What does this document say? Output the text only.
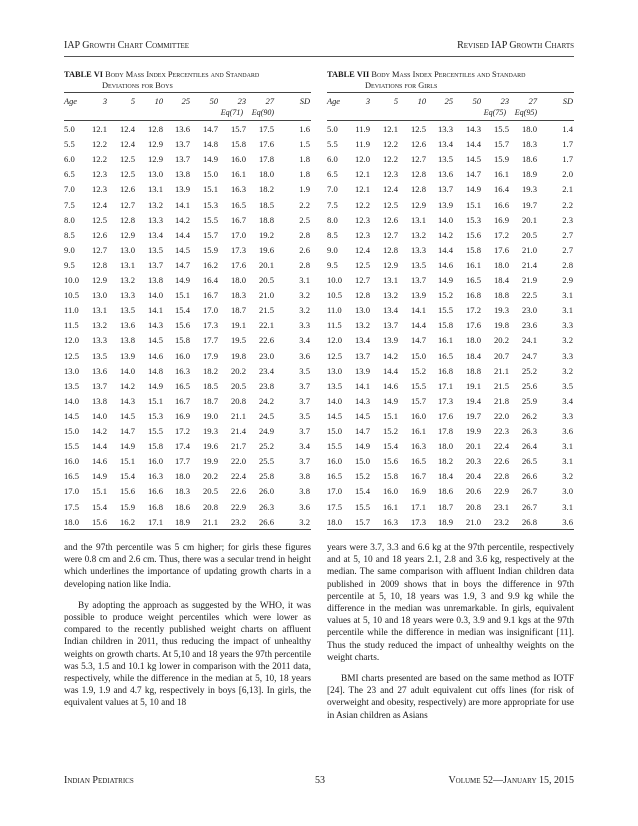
IAP Growth Chart Committee	Revised IAP Growth Charts
TABLE VI Body Mass Index Percentiles and Standard
Deviations for Boys
Age	3	5 10 25 50 23 27	SD
Eq(71) Eq(90)
5.0 12.1 12.4 12.8 13.6 14.7 15.7 17.5	1.6
5.5 12.2 12.4 12.9 13.7 14.8 15.8 17.6	1.5
6.0 12.2 12.5 12.9 13.7 14.9 16.0 17.8	1.8
6.5 12.3 12.5 13.0 13.8 15.0 16.1 18.0	1.8
7.0 12.3 12.6 13.1 13.9 15.1 16.3 18.2	1.9
7.5 12.4 12.7 13.2 14.1 15.3 16.5 18.5	2.2
8.0 12.5 12.8 13.3 14.2 15.5 16.7 18.8	2.5
8.5 12.6 12.9 13.4 14.4 15.7 17.0 19.2	2.8
9.0 12.7 13.0 13.5 14.5 15.9 17.3 19.6	2.6
9.5 12.8 13.1 13.7 14.7 16.2 17.6 20.1	2.8
10.0 12.9 13.2 13.8 14.9 16.4 18.0 20.5	3.1
10.5 13.0 13.3 14.0 15.1 16.7 18.3 21.0	3.2
11.0 13.1 13.5 14.1 15.4 17.0 18.7 21.5	3.2
11.5 13.2 13.6 14.3 15.6 17.3 19.1 22.1	3.3
12.0 13.3 13.8 14.5 15.8 17.7 19.5 22.6	3.4
12.5 13.5 13.9 14.6 16.0 17.9 19.8 23.0	3.6
13.0 13.6 14.0 14.8 16.3 18.2 20.2 23.4	3.5
13.5 13.7 14.2 14.9 16.5 18.5 20.5 23.8	3.7
14.0 13.8 14.3 15.1 16.7 18.7 20.8 24.2	3.7
14.5 14.0 14.5 15.3 16.9 19.0 21.1 24.5	3.5
15.0 14.2 14.7 15.5 17.2 19.3 21.4 24.9	3.7
15.5 14.4 14.9 15.8 17.4 19.6 21.7 25.2	3.4
16.0 14.6 15.1 16.0 17.7 19.9 22.0 25.5	3.7
16.5 14.9 15.4 16.3 18.0 20.2 22.4 25.8	3.8
17.0 15.1 15.6 16.6 18.3 20.5 22.6 26.0	3.8
17.5 15.4 15.9 16.8 18.6 20.8 22.9 26.3	3.6
18.0 15.6 16.2 17.1 18.9 21.1 23.2 26.6	3.2
TABLE VII Body Mass Index Percentiles and Standard
Deviations for Girls
Age	3	5 10 25 50 23 27	SD
Eq(75) Eq(95)
5.0 11.9 12.1 12.5 13.3 14.3 15.5 18.0	1.4
5.5 11.9 12.2 12.6 13.4 14.4 15.7 18.3	1.7
6.0 12.0 12.2 12.7 13.5 14.5 15.9 18.6	1.7
6.5 12.1 12.3 12.8 13.6 14.7 16.1 18.9	2.0
7.0 12.1 12.4 12.8 13.7 14.9 16.4 19.3	2.1
7.5 12.2 12.5 12.9 13.9 15.1 16.6 19.7	2.2
8.0 12.3 12.6 13.1 14.0 15.3 16.9 20.1	2.3
8.5 12.3 12.7 13.2 14.2 15.6 17.2 20.5	2.7
9.0 12.4 12.8 13.3 14.4 15.8 17.6 21.0	2.7
9.5 12.5 12.9 13.5 14.6 16.1 18.0 21.4	2.8
10.0 12.7 13.1 13.7 14.9 16.5 18.4 21.9	2.9
10.5 12.8 13.2 13.9 15.2 16.8 18.8 22.5	3.1
11.0 13.0 13.4 14.1 15.5 17.2 19.3 23.0	3.1
11.5 13.2 13.7 14.4 15.8 17.6 19.8 23.6	3.3
12.0 13.4 13.9 14.7 16.1 18.0 20.2 24.1	3.2
12.5 13.7 14.2 15.0 16.5 18.4 20.7 24.7	3.3
13.0 13.9 14.4 15.2 16.8 18.8 21.1 25.2	3.2
13.5 14.1 14.6 15.5 17.1 19.1 21.5 25.6	3.5
14.0 14.3 14.9 15.7 17.3 19.4 21.8 25.9	3.4
14.5 14.5 15.1 16.0 17.6 19.7 22.0 26.2	3.3
15.0 14.7 15.2 16.1 17.8 19.9 22.3 26.3	3.6
15.5 14.9 15.4 16.3 18.0 20.1 22.4 26.4	3.1
16.0 15.0 15.6 16.5 18.2 20.3 22.6 26.5	3.1
16.5 15.2 15.8 16.7 18.4 20.4 22.8 26.6	3.2
17.0 15.4 16.0 16.9 18.6 20.6 22.9 26.7	3.0
17.5 15.5 16.1 17.1 18.7 20.8 23.1 26.7	3.1
18.0 15.7 16.3 17.3 18.9 21.0 23.2 26.8	3.6

and the 97th percentile was 5 cm higher; for girls these figures were 0.8 cm and 2.6 cm. Thus, there was a secular trend in height which underlines the importance of updating growth charts in a developing nation like India.

By adopting the approach as suggested by the WHO, it was possible to produce weight percentiles which were lower as compared to the recently published weight charts on affluent Indian children in 2011, thus reducing the impact of unhealthy weights on growth charts. At 5,10 and 18 years the 97th percentile was 5.3, 1.5 and 10.1 kg lower in comparison with the 2011 data, respectively, while the difference in the median at 5, 10, 18 years was 1.9, 1.9 and 4.7 kg, respectively in boys [6,13]. In girls, the equivalent values at 5, 10 and 18

years were 3.7, 3.3 and 6.6 kg at the 97th percentile, respectively and at 5, 10 and 18 years 2.1, 2.8 and 3.6 kg, respectively at the median. The same comparison with affluent Indian children data published in 2009 shows that in boys the difference in 97th percentile at 5, 10, 18 years was 1.9, 3 and 9.9 kg while the difference in the median was unremarkable. In girls, equivalent values at 5, 10 and 18 years were 0.3, 3.9 and 9.1 kgs at the 97th percentile while the difference in median was insignificant [11]. Thus the study reduced the impact of unhealthy weights on the weight charts.

BMI charts presented are based on the same method as IOTF [24]. The 23 and 27 adult equivalent cut offs lines (for risk of overweight and obesity, respectively) are more appropriate for use in Asian children as Asians

Indian Pediatrics	53	Volume 52—January 15, 2015
